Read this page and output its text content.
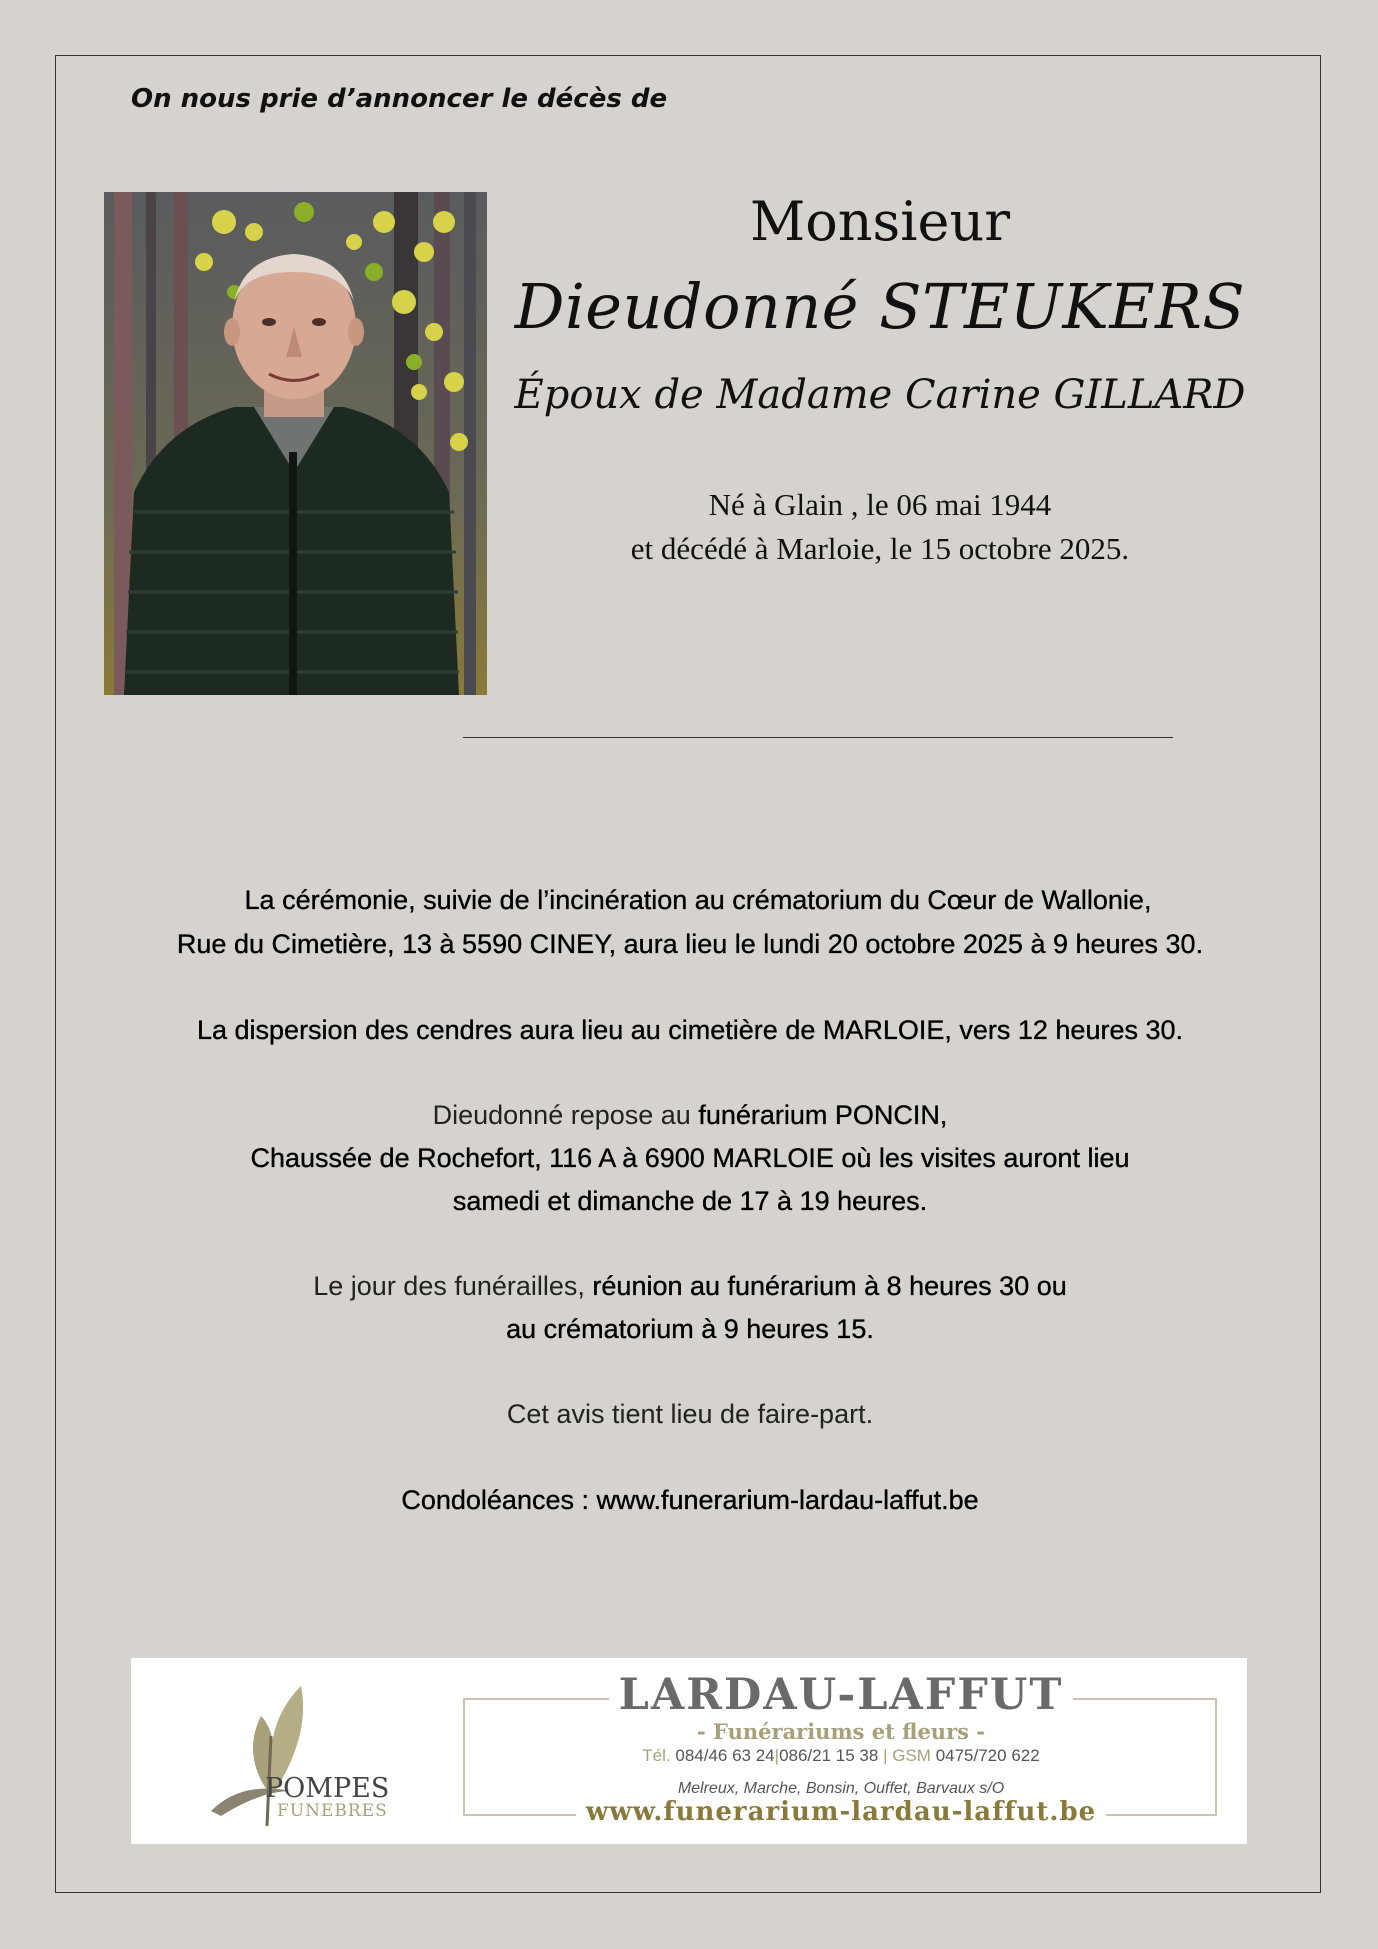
On nous prie d’annoncer le décès de
Monsieur
Dieudonné STEUKERS
Époux de Madame Carine GILLARD
Né à Glain , le 06 mai 1944
et décédé à Marloie, le 15 octobre 2025.
La cérémonie, suivie de l’incinération au crématorium du Cœur de Wallonie,
Rue du Cimetière, 13 à 5590 CINEY, aura lieu le lundi 20 octobre 2025 à 9 heures 30.
La dispersion des cendres aura lieu au cimetière de MARLOIE, vers 12 heures 30.
Dieudonné repose au funérarium PONCIN,
Chaussée de Rochefort, 116 A à 6900 MARLOIE où les visites auront lieu
samedi et dimanche de 17 à 19 heures.
Le jour des funérailles, réunion au funérarium à 8 heures 30 ou
au crématorium à 9 heures 15.
Cet avis tient lieu de faire-part.
Condoléances : www.funerarium-lardau-laffut.be
POMPES
FUNEBRES
LARDAU-LAFFUT
- Funérariums et fleurs -
Tél. 084/46 63 24|086/21 15 38 | GSM 0475/720 622
Melreux, Marche, Bonsin, Ouffet, Barvaux s/O
www.funerarium-lardau-laffut.be
